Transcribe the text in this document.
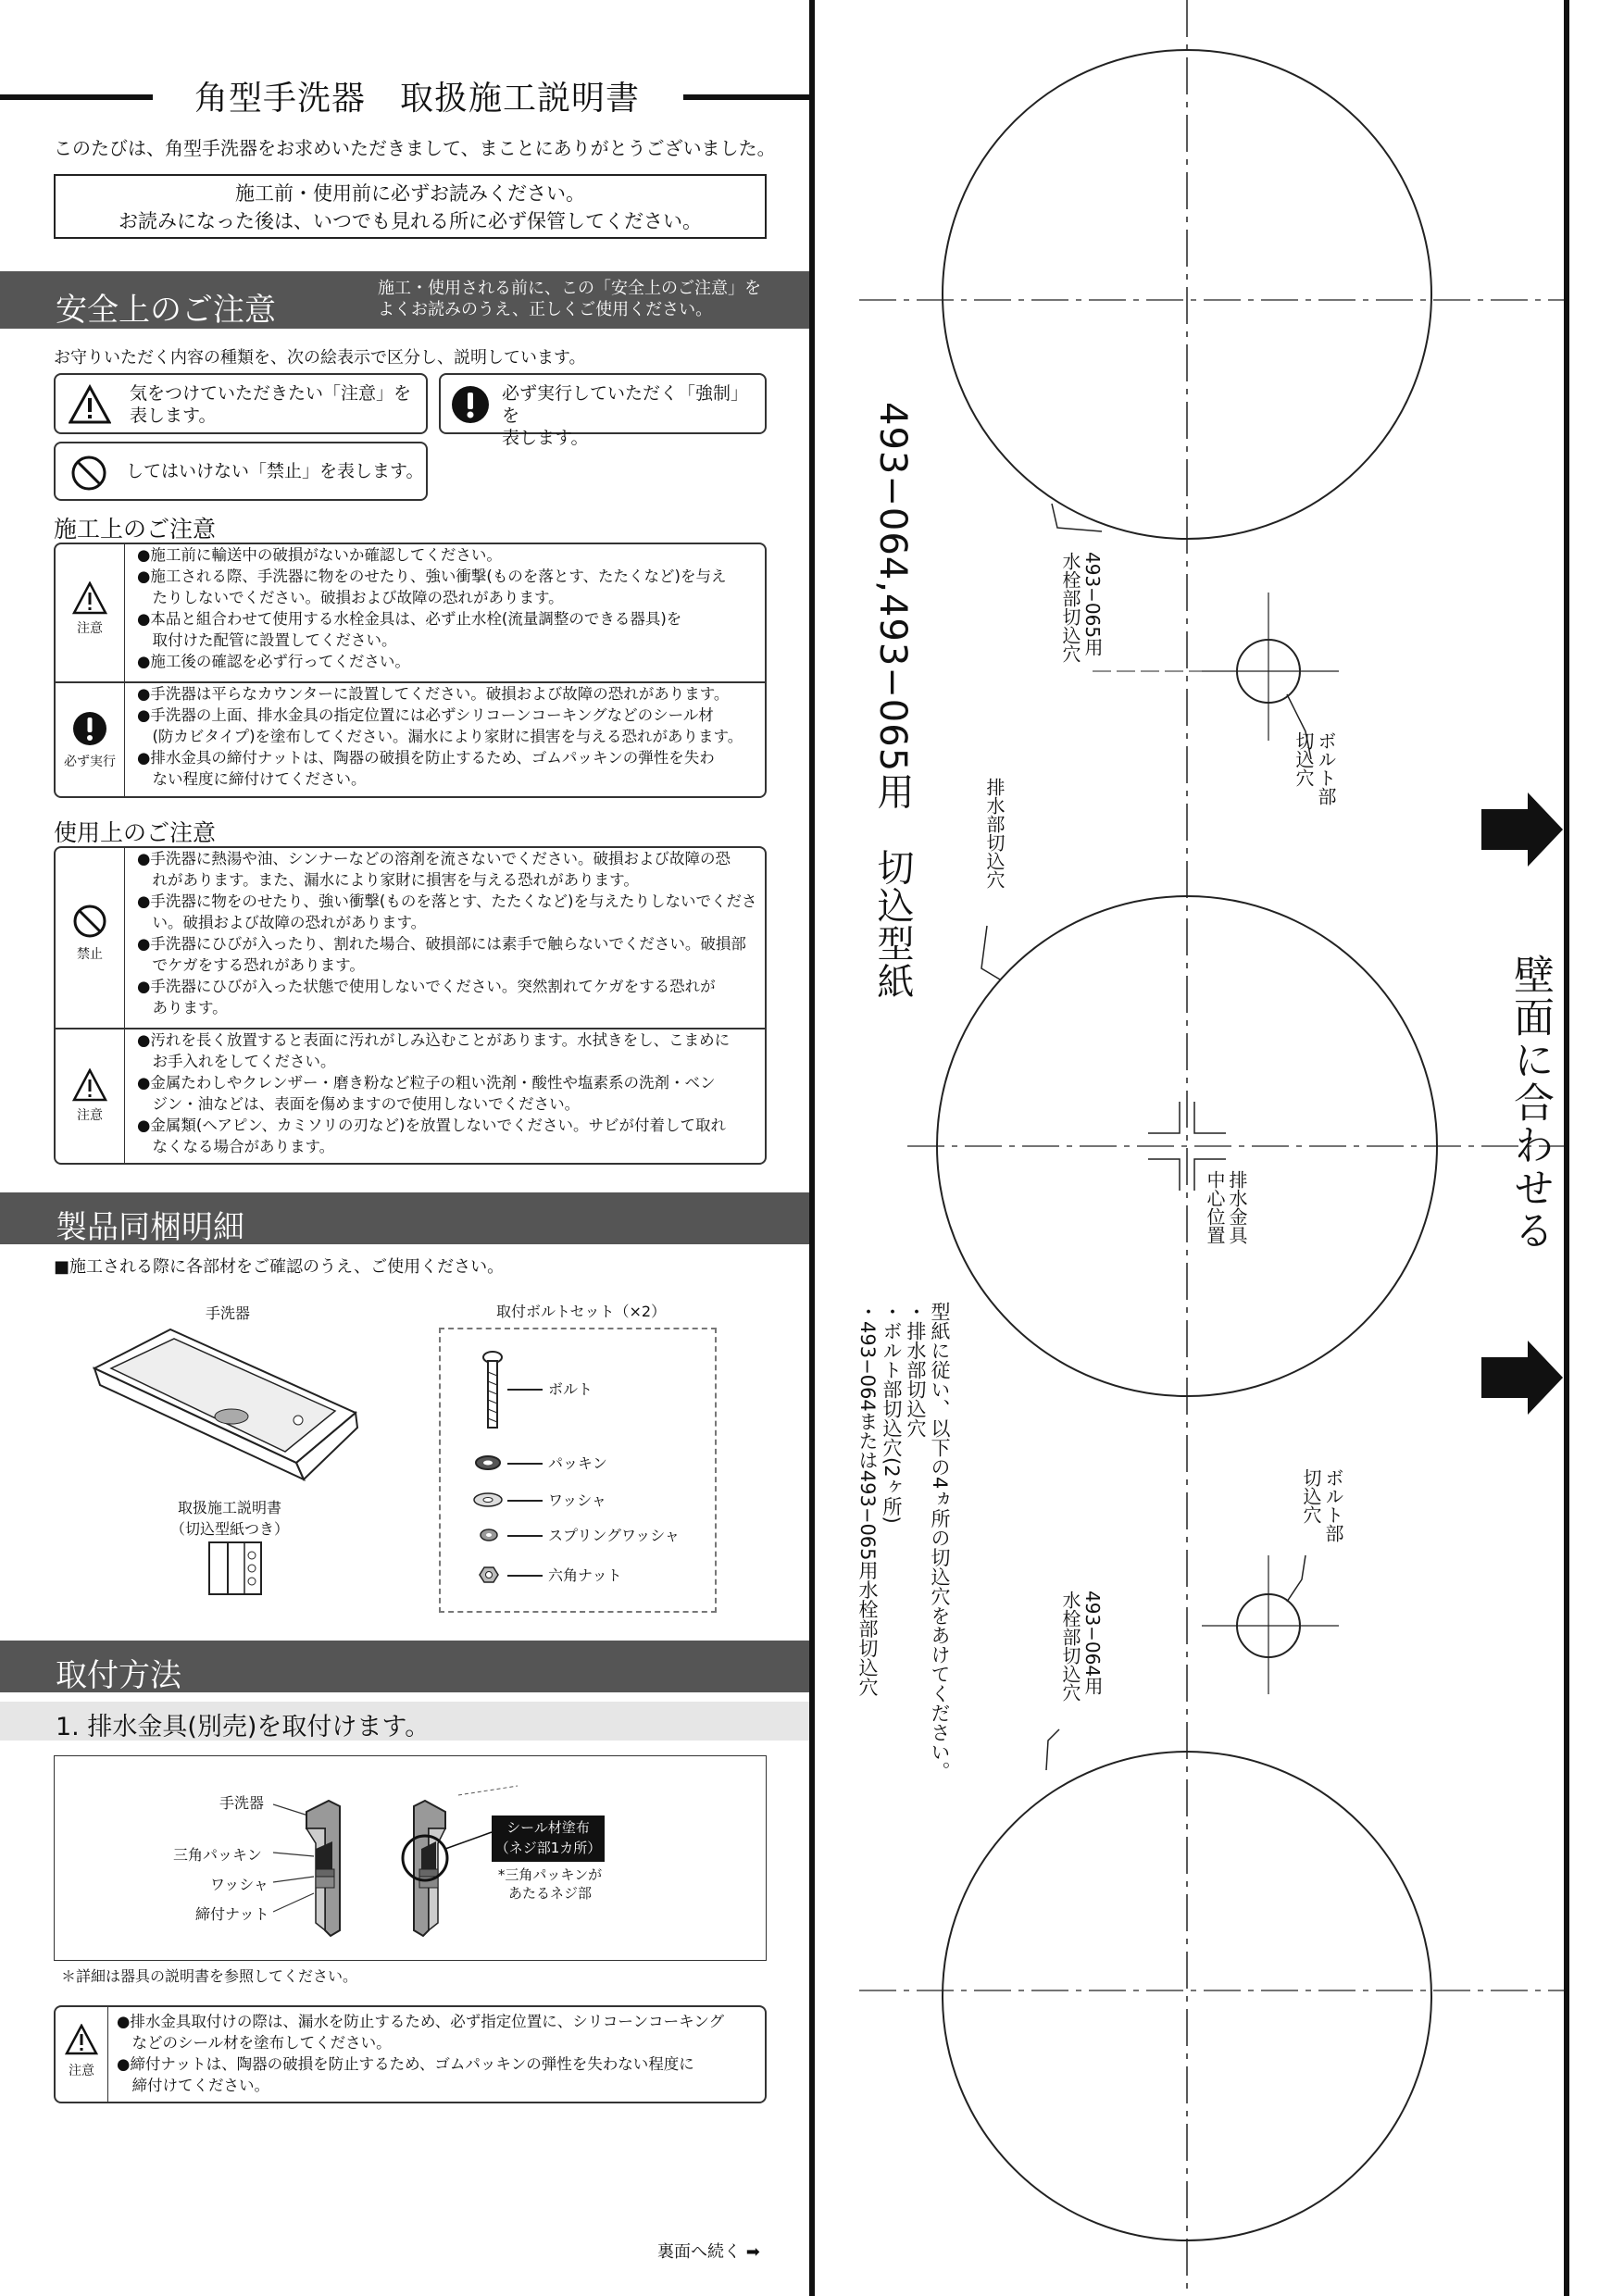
角型手洗器　取扱施工説明書
このたびは、角型手洗器をお求めいただきまして、まことにありがとうございました。
施工前・使用前に必ずお読みください。
お読みになった後は、いつでも見れる所に必ず保管してください。
安全上のご注意
施工・使用される前に、この「安全上のご注意」を
よくお読みのうえ、正しくご使用ください。
お守りいただく内容の種類を、次の絵表示で区分し、説明しています。
気をつけていただきたい「注意」を
表します。
必ず実行していただく「強制」を
表します。
してはいけない「禁止」を表します。
施工上のご注意
注意

●施工前に輸送中の破損がないか確認してください。

●施工される際、手洗器に物をのせたり、強い衝撃(ものを落とす、たたくなど)を与え

　たりしないでください。破損および故障の恐れがあります。

●本品と組合わせて使用する水栓金具は、必ず止水栓(流量調整のできる器具)を

　取付けた配管に設置してください。

●施工後の確認を必ず行ってください。

必ず実行

●手洗器は平らなカウンターに設置してください。破損および故障の恐れがあります。

●手洗器の上面、排水金具の指定位置には必ずシリコーンコーキングなどのシール材

　(防カビタイプ)を塗布してください。漏水により家財に損害を与える恐れがあります。

●排水金具の締付ナットは、陶器の破損を防止するため、ゴムパッキンの弾性を失わ

　ない程度に締付けてください。

使用上のご注意
禁止

●手洗器に熱湯や油、シンナーなどの溶剤を流さないでください。破損および故障の恐

　れがあります。また、漏水により家財に損害を与える恐れがあります。

●手洗器に物をのせたり、強い衝撃(ものを落とす、たたくなど)を与えたりしないでくださ

　い。破損および故障の恐れがあります。

●手洗器にひびが入ったり、割れた場合、破損部には素手で触らないでください。破損部

　でケガをする恐れがあります。

●手洗器にひびが入った状態で使用しないでください。突然割れてケガをする恐れが

　あります。

注意

●汚れを長く放置すると表面に汚れがしみ込むことがあります。水拭きをし、こまめに

　お手入れをしてください。

●金属たわしやクレンザー・磨き粉など粒子の粗い洗剤・酸性や塩素系の洗剤・ベン

　ジン・油などは、表面を傷めますので使用しないでください。

●金属類(ヘアピン、カミソリの刃など)を放置しないでください。サビが付着して取れ

　なくなる場合があります。

製品同梱明細
■施工される際に各部材をご確認のうえ、ご使用ください。
手洗器
取扱施工説明書
（切込型紙つき）
取付ボルトセット（×2）
ボルト
パッキン
ワッシャ
スプリングワッシャ
六角ナット
取付方法
1. 排水金具(別売)を取付けます。
手洗器
三角パッキン
ワッシャ
締付ナット
シール材塗布
（ネジ部1カ所）
*三角パッキンが
あたるネジ部
＊詳細は器具の説明書を参照してください。
注意

●排水金具取付けの際は、漏水を防止するため、必ず指定位置に、シリコーンコーキング

　などのシール材を塗布してください。

●締付ナットは、陶器の破損を防止するため、ゴムパッキンの弾性を失わない程度に

　締付けてください。

裏面へ続く ➡
493−064,493−065用　切込型紙
壁面に合わせる
493−065用
水栓部切込穴
ボルト部
切込穴
排水部切込穴
排水金具
中心位置
ボルト部
切込穴
493−064用
水栓部切込穴
型紙に従い、以下の4ヵ所の切込穴をあけてください。
・排水部切込穴
・ボルト部切込穴(2ヶ所)
・493−064または493−065用水栓部切込穴
